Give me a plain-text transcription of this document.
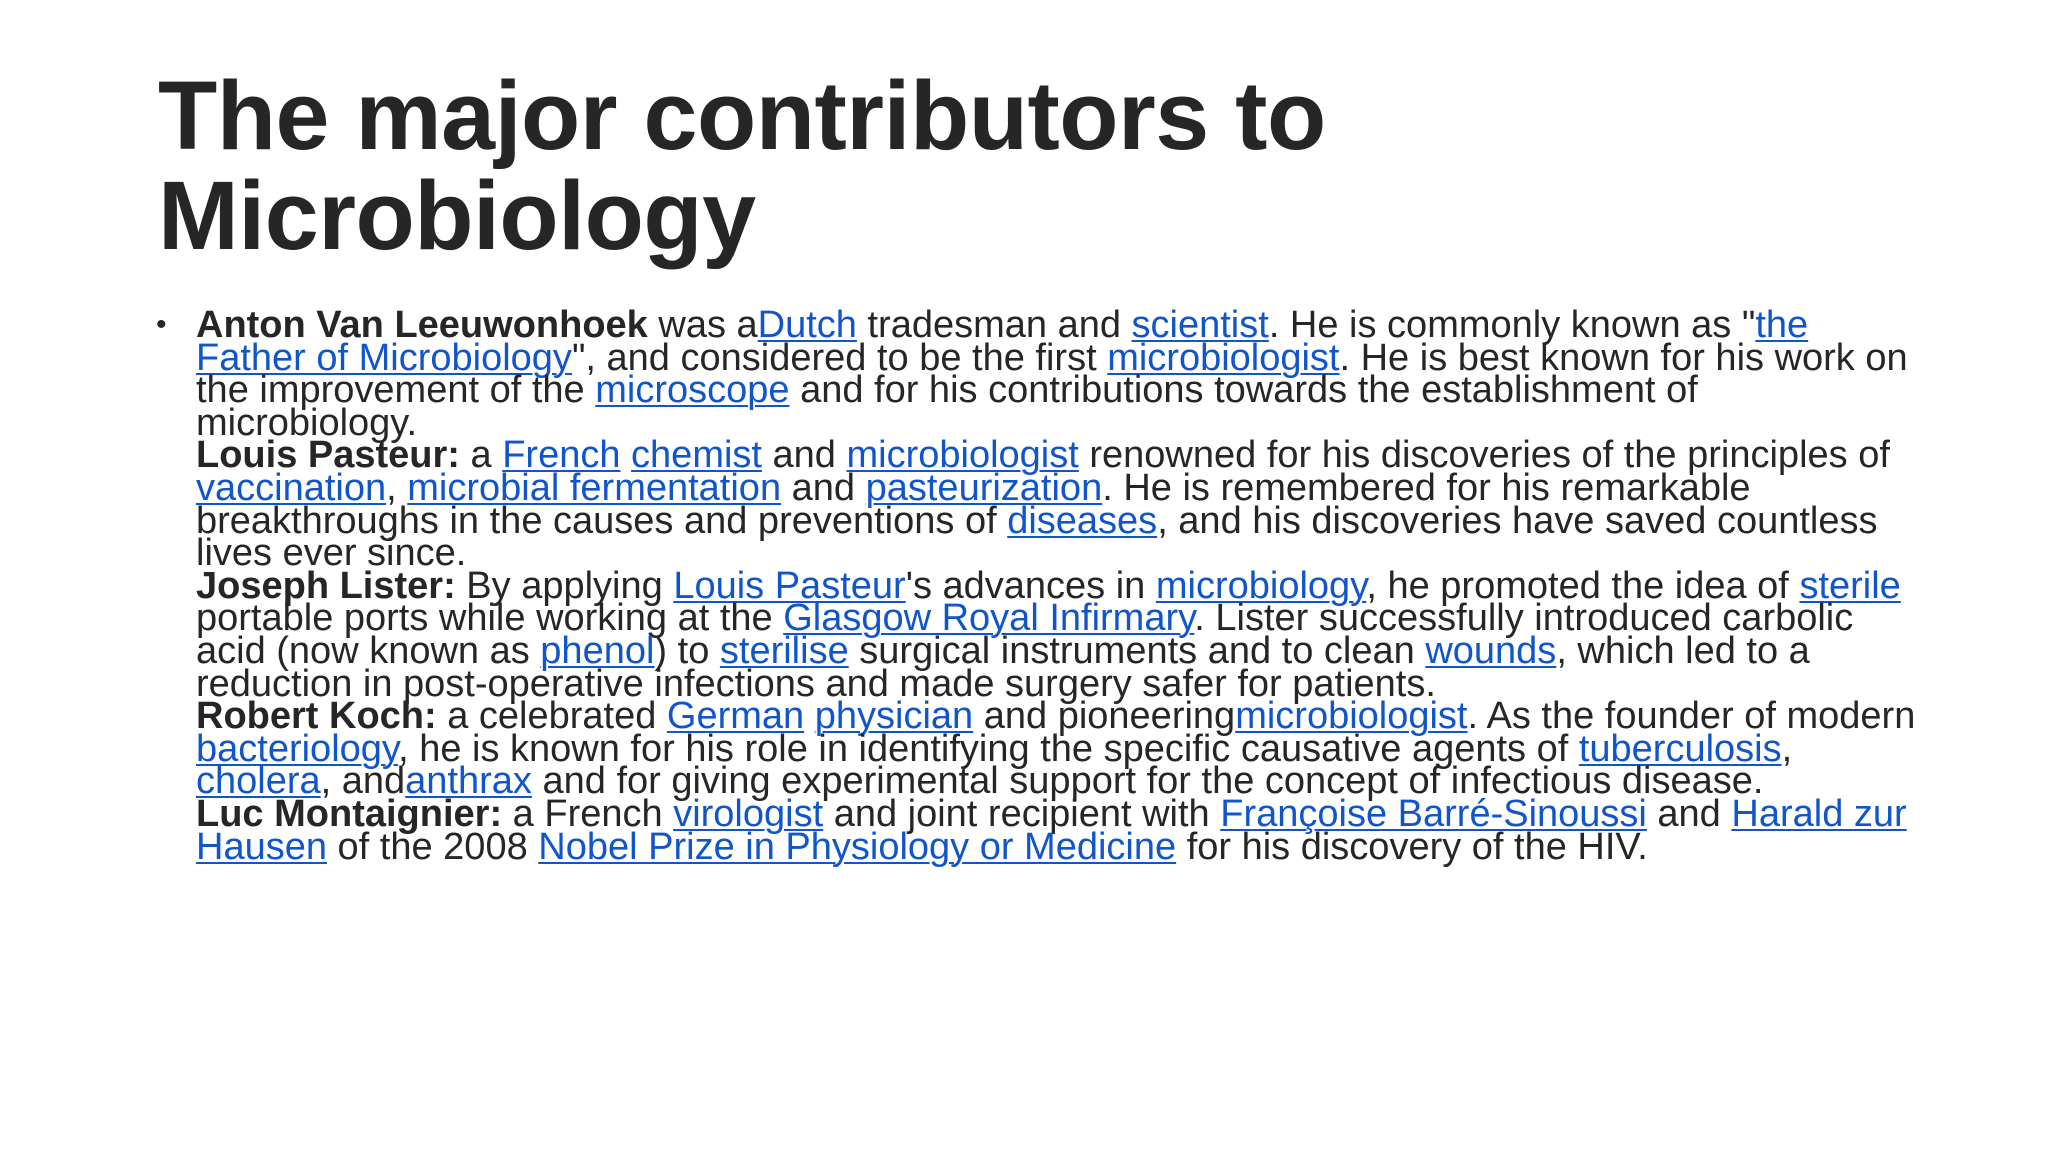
The major contributors to
Microbiology
• Anton Van Leeuwonhoek was aDutch tradesman and scientist. He is commonly known as "the Father of Microbiology", and considered to be the first microbiologist. He is best known for his work on the improvement of the microscope and for his contributions towards the establishment of microbiology.

Louis Pasteur: a French chemist and microbiologist renowned for his discoveries of the principles of vaccination, microbial fermentation and pasteurization. He is remembered for his remarkable breakthroughs in the causes and preventions of diseases, and his discoveries have saved countless lives ever since.

Joseph Lister: By applying Louis Pasteur's advances in microbiology, he promoted the idea of sterile portable ports while working at the Glasgow Royal Infirmary. Lister successfully introduced carbolic acid (now known as phenol) to sterilise surgical instruments and to clean wounds, which led to a reduction in post-operative infections and made surgery safer for patients.

Robert Koch: a celebrated German physician and pioneeringmicrobiologist. As the founder of modern bacteriology, he is known for his role in identifying the specific causative agents of tuberculosis, cholera, andanthrax and for giving experimental support for the concept of infectious disease.

Luc Montaignier: a French virologist and joint recipient with Françoise Barré-Sinoussi and Harald zur Hausen of the 2008 Nobel Prize in Physiology or Medicine for his discovery of the HIV.
